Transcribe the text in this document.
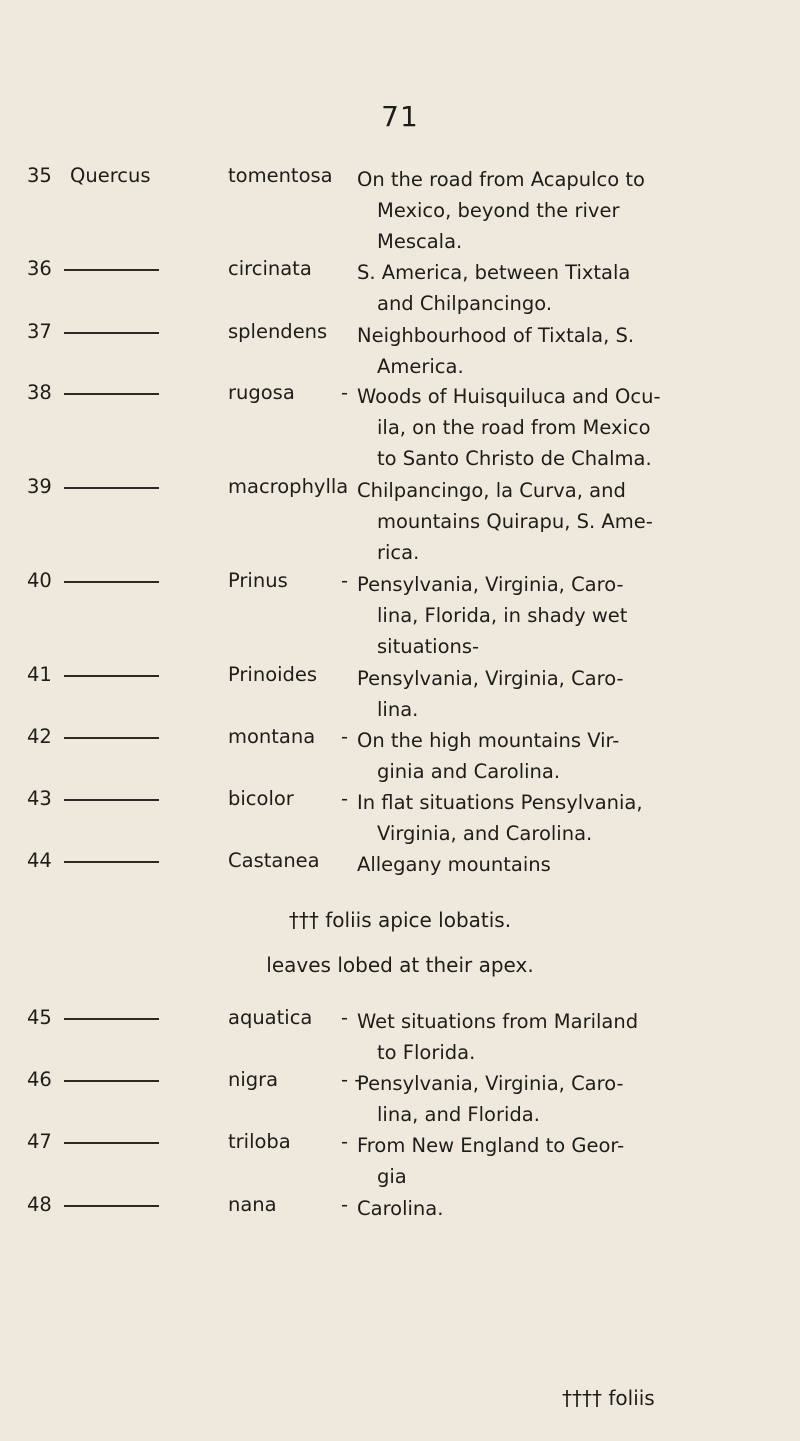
71
35 Quercus	tomentosa On the road from Acapulco to
Mexico, beyond the river
Mescala.
36	circinata S. America, between Tixtala
and Chilpancingo.
37	splendens Neighbourhood of Tixtala, S.
America.
38	rugosa - Woods of Huisquiluca and Ocu-
ila, on the road from Mexico
to Santo Christo de Chalma.
39	macrophylla Chilpancingo, la Curva, and
mountains Quirapu, S. Ame-
rica.
40	Prinus	- Pensylvania, Virginia, Caro-
lina, Florida, in shady wet
situations-
41	Prinoides Pensylvania, Virginia, Caro-
lina.
42	montana - On the high mountains Vir-
ginia and Carolina.
43	bicolor - In flat situations Pensylvania,
Virginia, and Carolina.
44	Castanea Allegany mountains
††† foliis apice lobatis.
leaves lobed at their apex.
45	aquatica - Wet situations from Mariland
to Florida.
46	nigra	- -
Pensylvania, Virginia, Caro-
lina, and Florida.
47	triloba	- From New England to Geor-
gia
48	nana	- Carolina.
†††† foliis
